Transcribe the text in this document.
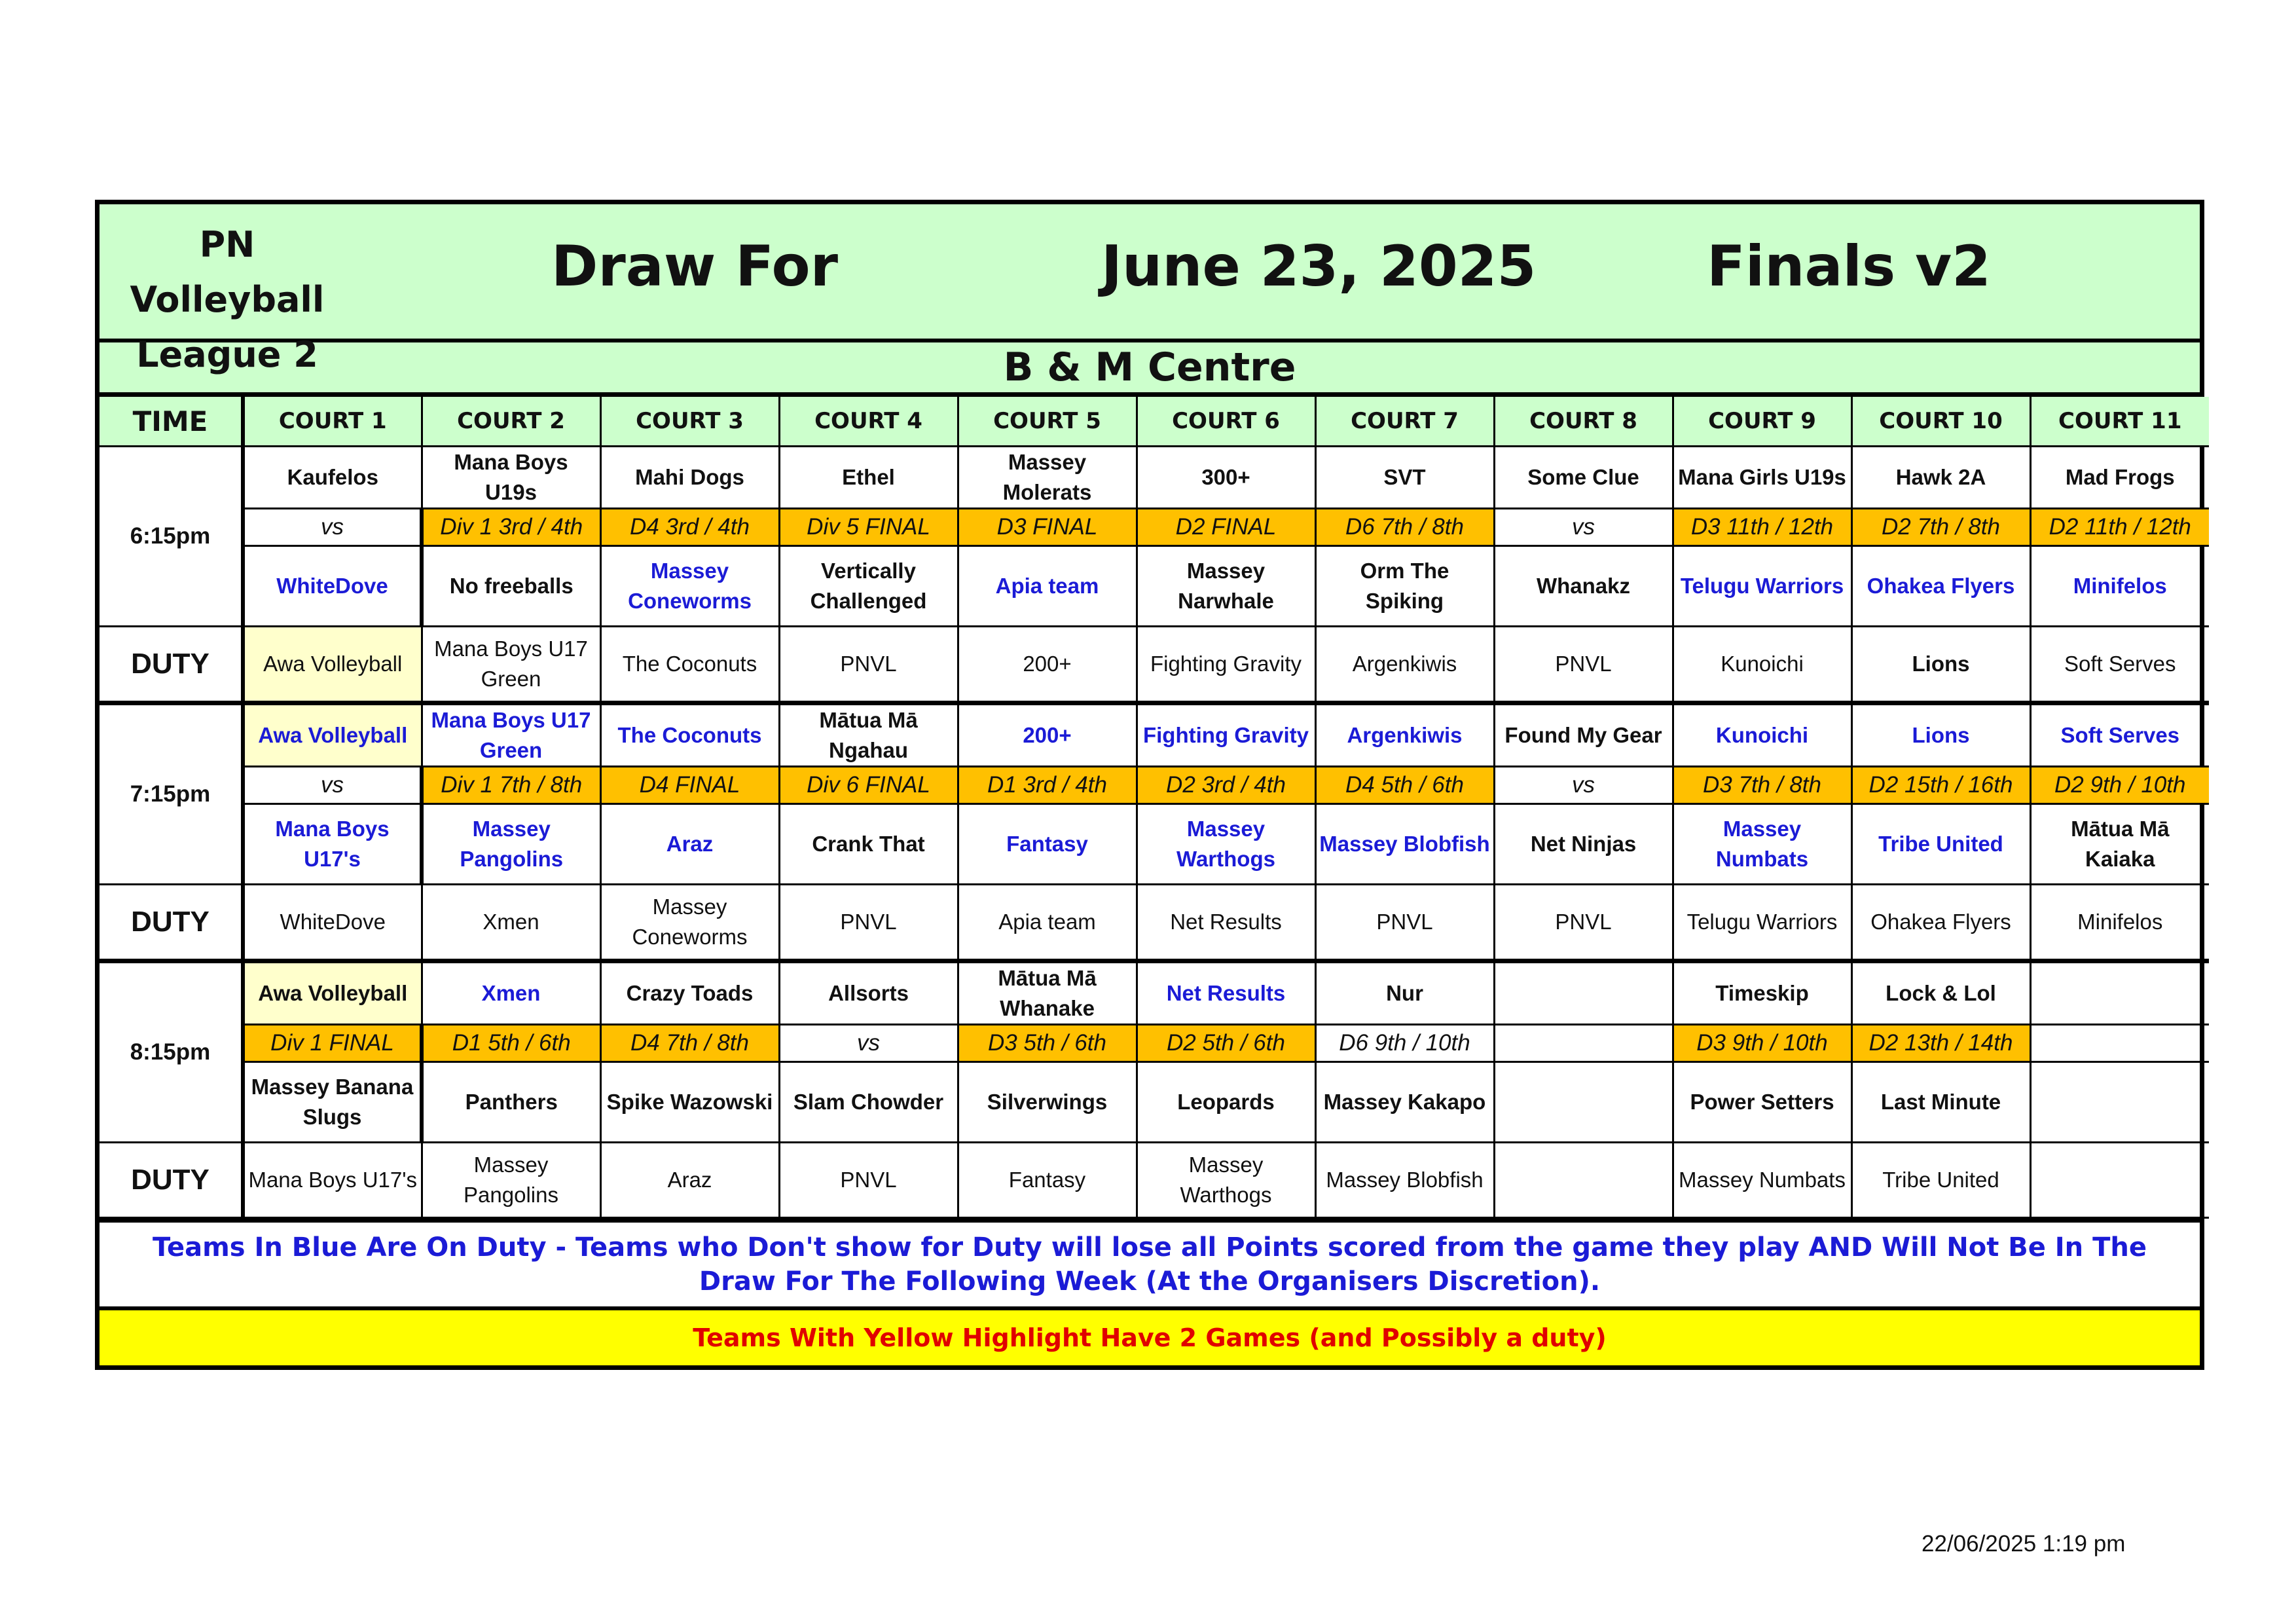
PN Volleyball
League 2
Draw For	June 23, 2025	Finals v2
B & M Centre
TIME	COURT 1	COURT 2	COURT 3	COURT 4	COURT 5	COURT 6	COURT 7	COURT 8	COURT 9	COURT 10	COURT 11
6:15pm	Kaufelos	Mana Boys U19s	Mahi Dogs	Ethel	Massey Molerats	300+	SVT	Some Clue	Mana Girls U19s	Hawk 2A	Mad Frogs

	vs	Div 1 3rd / 4th	D4 3rd / 4th	Div 5 FINAL	D3 FINAL	D2 FINAL	D6 7th / 8th	vs	D3 11th / 12th	D2 7th / 8th	D2 11th / 12th

	WhiteDove	No freeballs	Massey Coneworms	Vertically Challenged	Apia team	Massey Narwhale	Orm The Spiking	Whanakz	Telugu Warriors	Ohakea Flyers	Minifelos

DUTY	Awa Volleyball	Mana Boys U17 Green	The Coconuts	PNVL	200+	Fighting Gravity	Argenkiwis	PNVL	Kunoichi	Lions	Soft Serves
7:15pm	Awa Volleyball	Mana Boys U17 Green	The Coconuts	Mātua Mā Ngahau	200+	Fighting Gravity	Argenkiwis	Found My Gear	Kunoichi	Lions	Soft Serves

	vs	Div 1 7th / 8th	D4 FINAL	Div 6 FINAL	D1 3rd / 4th	D2 3rd / 4th	D4 5th / 6th	vs	D3 7th / 8th	D2 15th / 16th	D2 9th / 10th

	Mana Boys U17's	Massey Pangolins	Araz	Crank That	Fantasy	Massey Warthogs	Massey Blobfish	Net Ninjas	Massey Numbats	Tribe United	Mātua Mā Kaiaka

DUTY	WhiteDove	Xmen	Massey Coneworms	PNVL	Apia team	Net Results	PNVL	PNVL	Telugu Warriors	Ohakea Flyers	Minifelos
8:15pm	Awa Volleyball	Xmen	Crazy Toads	Allsorts	Mātua Mā Whanake	Net Results	Nur		Timeskip	Lock & Lol	

	Div 1 FINAL	D1 5th / 6th	D4 7th / 8th	vs	D3 5th / 6th	D2 5th / 6th	D6 9th / 10th		D3 9th / 10th	D2 13th / 14th	

	Massey Banana Slugs	Panthers	Spike Wazowski	Slam Chowder	Silverwings	Leopards	Massey Kakapo		Power Setters	Last Minute	

DUTY	Mana Boys U17's	Massey Pangolins	Araz	PNVL	Fantasy	Massey Warthogs	Massey Blobfish		Massey Numbats	Tribe United	
Teams In Blue Are On Duty - Teams who Don't show for Duty will lose all Points scored from the game they play AND Will Not Be In The Draw For The Following Week (At the Organisers Discretion).
Teams With Yellow Highlight Have 2 Games (and Possibly a duty)
22/06/2025 1:19 pm
